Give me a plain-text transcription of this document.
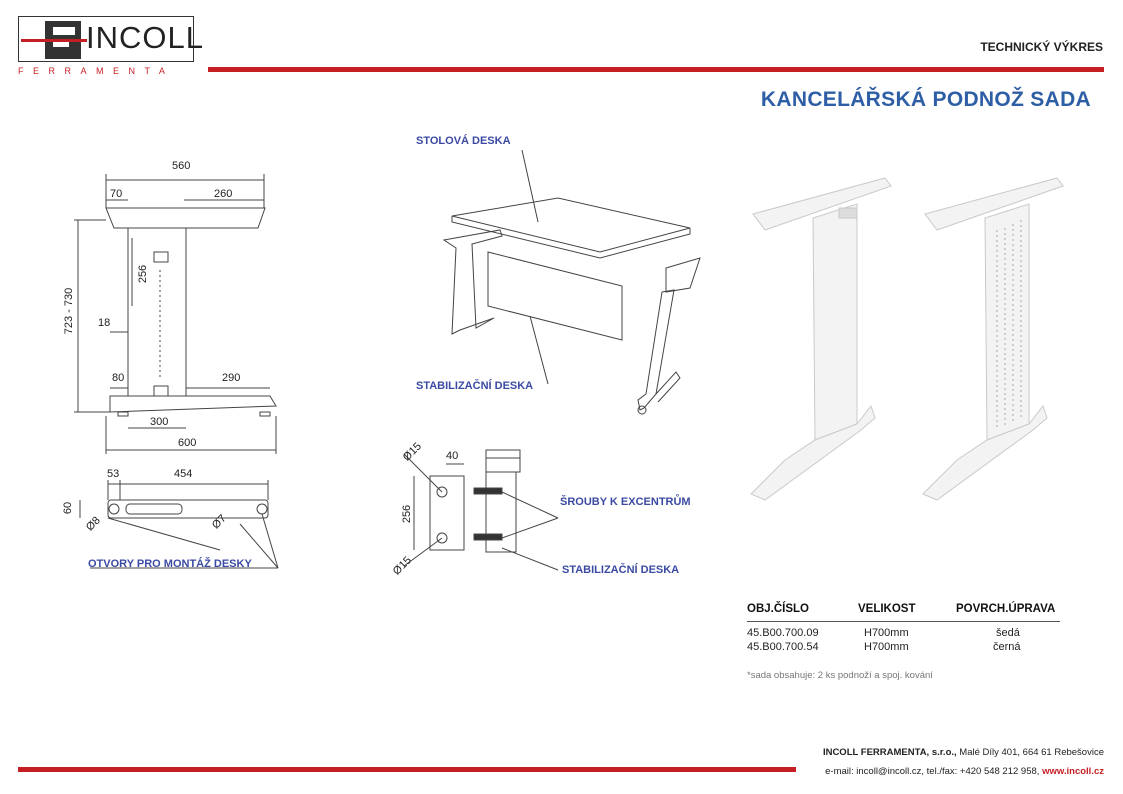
INCOLL
FERRAMENTA
TECHNICKÝ VÝKRES
KANCELÁŘSKÁ PODNOŽ SADA
560
70	260
256
723 - 730 18
80	290
300
600
53	454
60
Ø8	Ø7
OTVORY PRO MONTÁŽ DESKY
STOLOVÁ DESKA
STABILIZAČNÍ DESKA
Ø15 40
256
Ø15
ŠROUBY K EXCENTRŮM
STABILIZAČNÍ DESKA
OBJ.ČÍSLO	VELIKOST	POVRCH.ÚPRAVA
45.B00.700.09	H700mm	šedá
45.B00.700.54	H700mm	černá
*sada obsahuje: 2 ks podnoží a spoj. kování
INCOLL FERRAMENTA, s.r.o., Malé Díly 401, 664 61 Rebešovice
e-mail: incoll@incoll.cz, tel./fax: +420 548 212 958, www.incoll.cz
